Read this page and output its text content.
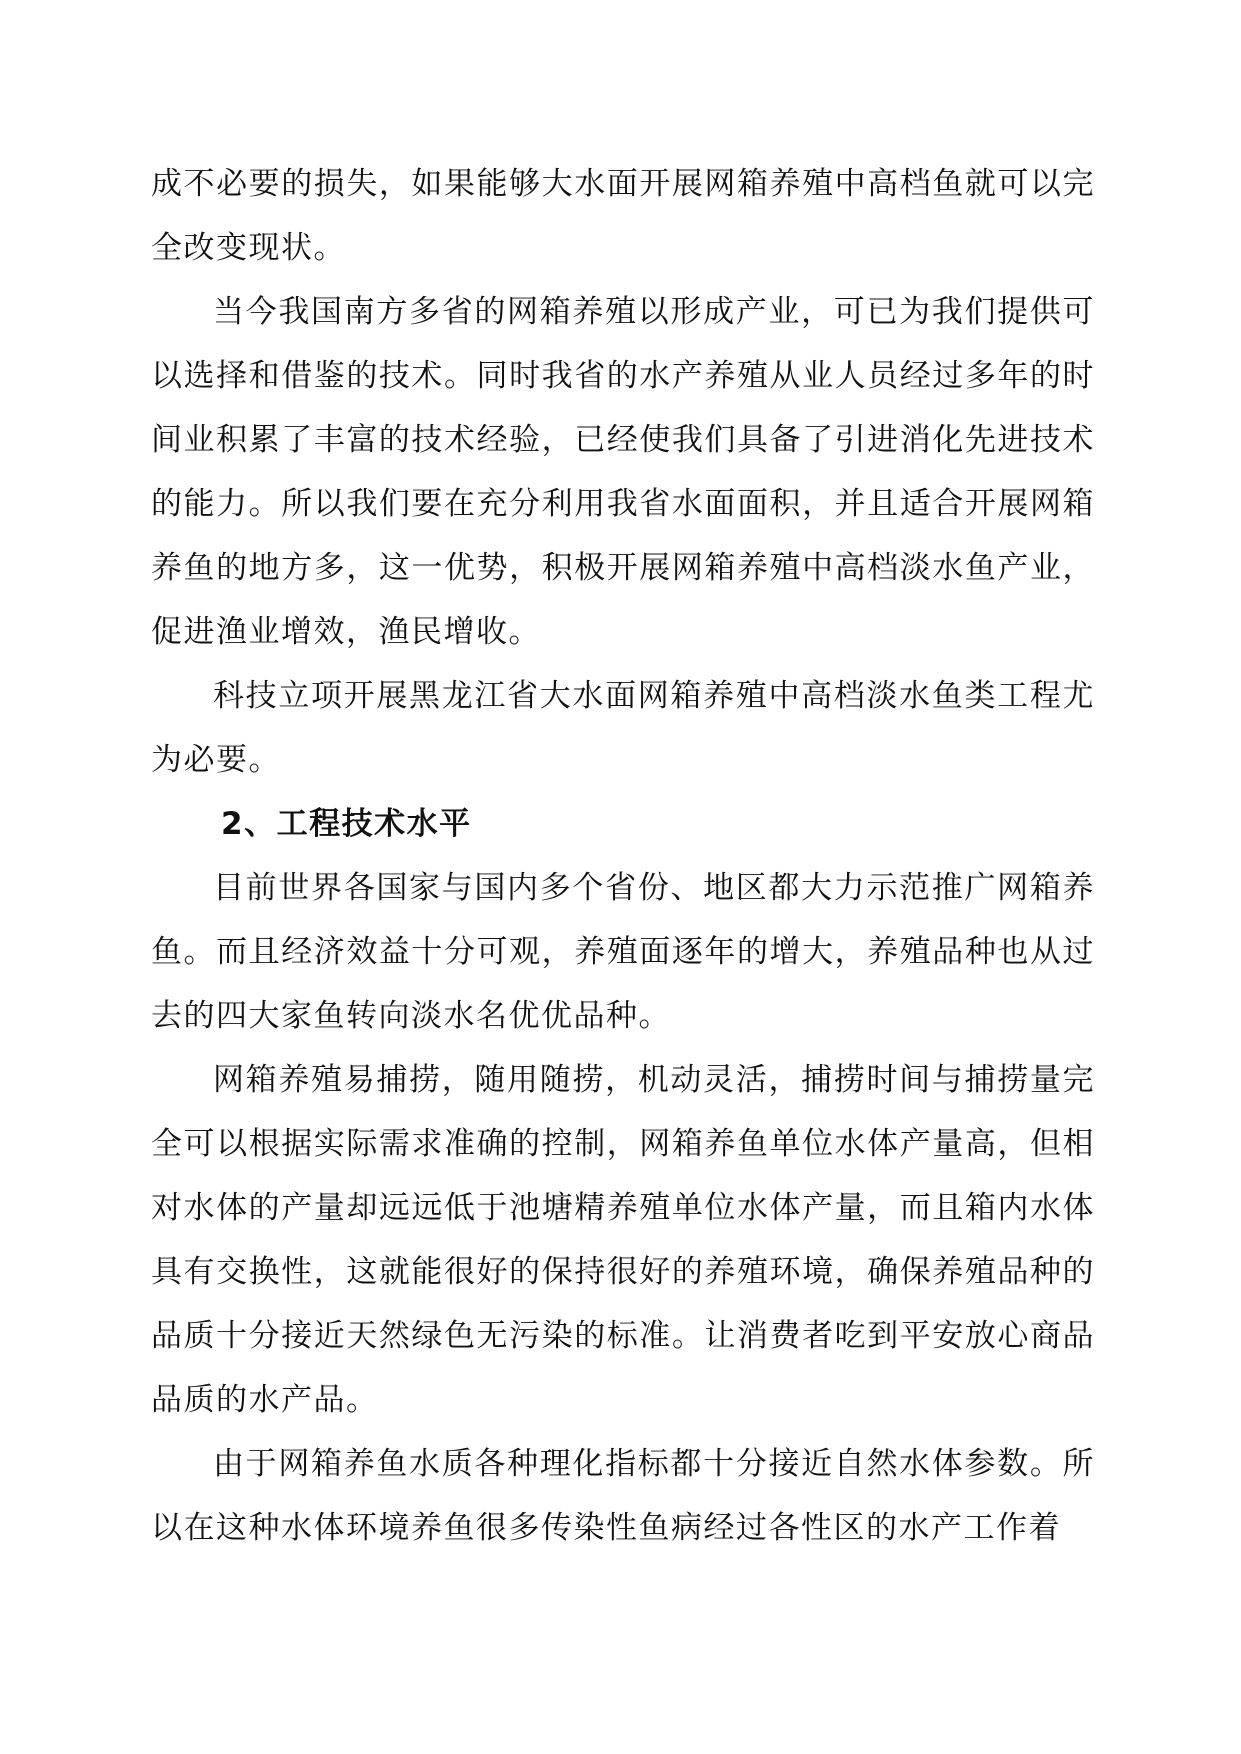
成不必要的损失，如果能够大水面开展网箱养殖中高档鱼就可以完全改变现状。

当今我国南方多省的网箱养殖以形成产业，可已为我们提供可以选择和借鉴的技术。同时我省的水产养殖从业人员经过多年的时间业积累了丰富的技术经验，已经使我们具备了引进消化先进技术的能力。所以我们要在充分利用我省水面面积，并且适合开展网箱养鱼的地方多，这一优势，积极开展网箱养殖中高档淡水鱼产业，促进渔业增效，渔民增收。

科技立项开展黑龙江省大水面网箱养殖中高档淡水鱼类工程尤为必要。

2、工程技术水平

目前世界各国家与国内多个省份、地区都大力示范推广网箱养鱼。而且经济效益十分可观，养殖面逐年的增大，养殖品种也从过去的四大家鱼转向淡水名优优品种。

网箱养殖易捕捞，随用随捞，机动灵活，捕捞时间与捕捞量完全可以根据实际需求准确的控制，网箱养鱼单位水体产量高，但相对水体的产量却远远低于池塘精养殖单位水体产量，而且箱内水体具有交换性，这就能很好的保持很好的养殖环境，确保养殖品种的品质十分接近天然绿色无污染的标准。让消费者吃到平安放心商品品质的水产品。

由于网箱养鱼水质各种理化指标都十分接近自然水体参数。所以在这种水体环境养鱼很多传染性鱼病经过各性区的水产工作着
